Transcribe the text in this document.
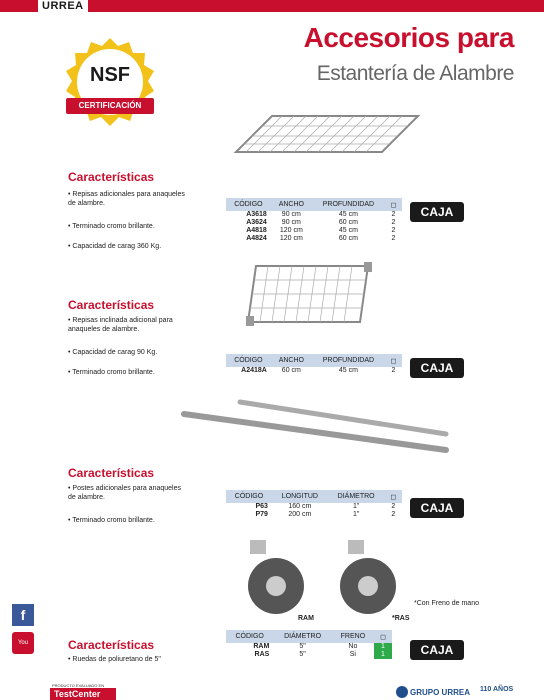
URREA
Accesorios para
Estantería de Alambre
NSF
CERTIFICACIÓN
Características
• Repisas adicionales para anaqueles de alambre.
• Terminado cromo brillante.
• Capacidad de carag 360 Kg.
CÓDIGO	ANCHO	PROFUNDIDAD	◻
A3618	90 cm	45 cm	2
A3624	90 cm	60 cm	2
A4818	120 cm	45 cm	2
A4824	120 cm	60 cm	2
CAJA
Características
• Repisas inclinada adicional para anaqueles de alambre.
• Capacidad de carag 90 Kg.
• Terminado cromo brillante.
CÓDIGO	ANCHO	PROFUNDIDAD	◻
A2418A	60 cm	45 cm	2	CAJA
Características
• Postes adicionales para anaqueles de alambre.
• Terminado cromo brillante.
CÓDIGO	LONGITUD	DIÁMETRO	◻
P63	160 cm	1"	2
P79	200 cm	1"	2	CAJA
RAM	*RAS
*Con Freno de mano
Características
• Ruedas de poliuretano de 5"
CÓDIGO	DIÁMETRO	FRENO	◻
RAM	5"	No	1
RAS	5"	Si	1	CAJA
f
You Tube
PRODUCTO EVALUADO EN
TestCenter	GRUPO URREA 110 AÑOS
